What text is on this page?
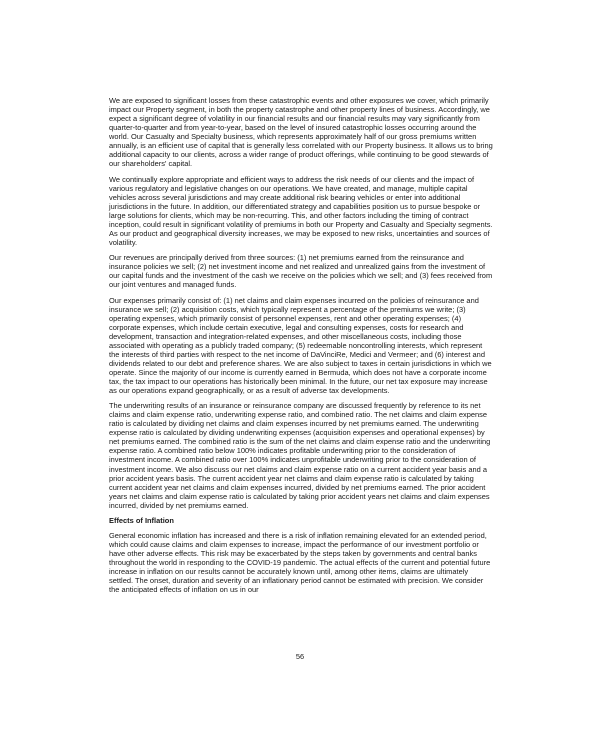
We are exposed to significant losses from these catastrophic events and other exposures we cover, which primarily impact our Property segment, in both the property catastrophe and other property lines of business. Accordingly, we expect a significant degree of volatility in our financial results and our financial results may vary significantly from quarter-to-quarter and from year-to-year, based on the level of insured catastrophic losses occurring around the world. Our Casualty and Specialty business, which represents approximately half of our gross premiums written annually, is an efficient use of capital that is generally less correlated with our Property business. It allows us to bring additional capacity to our clients, across a wider range of product offerings, while continuing to be good stewards of our shareholders' capital.

We continually explore appropriate and efficient ways to address the risk needs of our clients and the impact of various regulatory and legislative changes on our operations. We have created, and manage, multiple capital vehicles across several jurisdictions and may create additional risk bearing vehicles or enter into additional jurisdictions in the future. In addition, our differentiated strategy and capabilities position us to pursue bespoke or large solutions for clients, which may be non-recurring. This, and other factors including the timing of contract inception, could result in significant volatility of premiums in both our Property and Casualty and Specialty segments. As our product and geographical diversity increases, we may be exposed to new risks, uncertainties and sources of volatility.

Our revenues are principally derived from three sources: (1) net premiums earned from the reinsurance and insurance policies we sell; (2) net investment income and net realized and unrealized gains from the investment of our capital funds and the investment of the cash we receive on the policies which we sell; and (3) fees received from our joint ventures and managed funds.

Our expenses primarily consist of: (1) net claims and claim expenses incurred on the policies of reinsurance and insurance we sell; (2) acquisition costs, which typically represent a percentage of the premiums we write; (3) operating expenses, which primarily consist of personnel expenses, rent and other operating expenses; (4) corporate expenses, which include certain executive, legal and consulting expenses, costs for research and development, transaction and integration-related expenses, and other miscellaneous costs, including those associated with operating as a publicly traded company; (5) redeemable noncontrolling interests, which represent the interests of third parties with respect to the net income of DaVinciRe, Medici and Vermeer; and (6) interest and dividends related to our debt and preference shares. We are also subject to taxes in certain jurisdictions in which we operate. Since the majority of our income is currently earned in Bermuda, which does not have a corporate income tax, the tax impact to our operations has historically been minimal. In the future, our net tax exposure may increase as our operations expand geographically, or as a result of adverse tax developments.

The underwriting results of an insurance or reinsurance company are discussed frequently by reference to its net claims and claim expense ratio, underwriting expense ratio, and combined ratio. The net claims and claim expense ratio is calculated by dividing net claims and claim expenses incurred by net premiums earned. The underwriting expense ratio is calculated by dividing underwriting expenses (acquisition expenses and operational expenses) by net premiums earned. The combined ratio is the sum of the net claims and claim expense ratio and the underwriting expense ratio. A combined ratio below 100% indicates profitable underwriting prior to the consideration of investment income. A combined ratio over 100% indicates unprofitable underwriting prior to the consideration of investment income. We also discuss our net claims and claim expense ratio on a current accident year basis and a prior accident years basis. The current accident year net claims and claim expense ratio is calculated by taking current accident year net claims and claim expenses incurred, divided by net premiums earned. The prior accident years net claims and claim expense ratio is calculated by taking prior accident years net claims and claim expenses incurred, divided by net premiums earned.

Effects of Inflation

General economic inflation has increased and there is a risk of inflation remaining elevated for an extended period, which could cause claims and claim expenses to increase, impact the performance of our investment portfolio or have other adverse effects. This risk may be exacerbated by the steps taken by governments and central banks throughout the world in responding to the COVID-19 pandemic. The actual effects of the current and potential future increase in inflation on our results cannot be accurately known until, among other items, claims are ultimately settled. The onset, duration and severity of an inflationary period cannot be estimated with precision. We consider the anticipated effects of inflation on us in our

56
